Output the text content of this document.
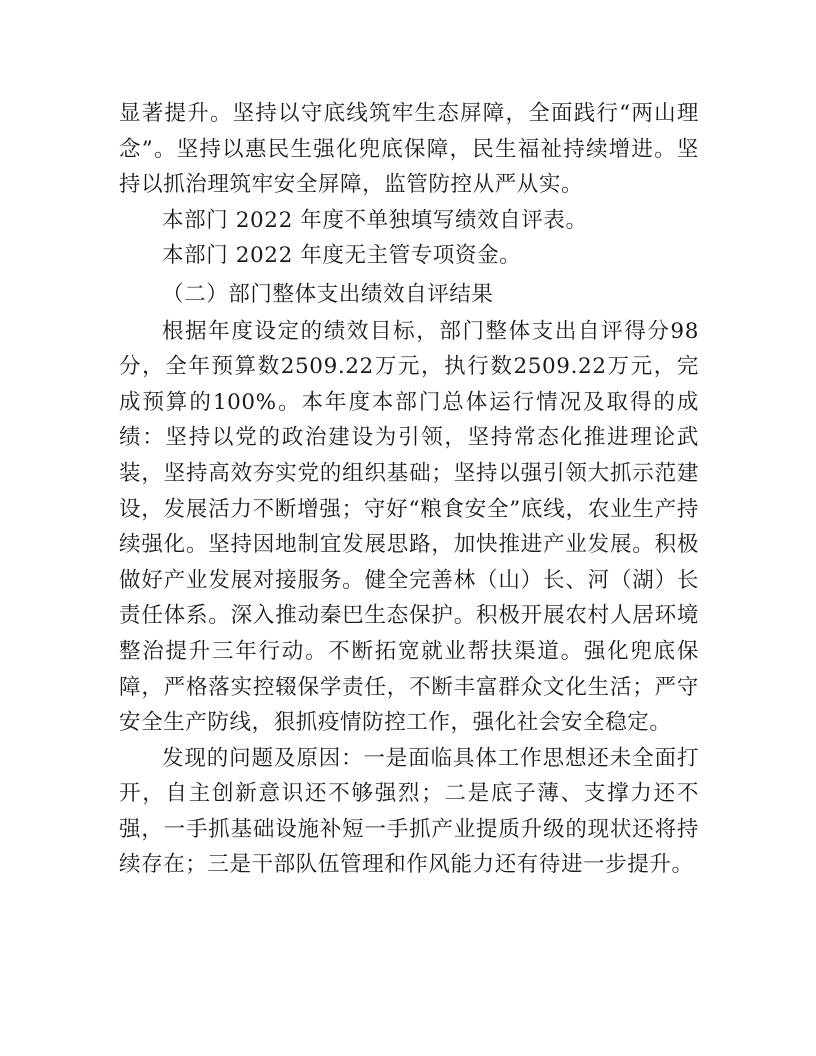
显著提升。坚持以守底线筑牢生态屏障，全面践行“两山理念”。坚持以惠民生强化兜底保障，民生福祉持续增进。坚持以抓治理筑牢安全屏障，监管防控从严从实。

本部门 2022 年度不单独填写绩效自评表。

本部门 2022 年度无主管专项资金。

（二）部门整体支出绩效自评结果

根据年度设定的绩效目标，部门整体支出自评得分98分，全年预算数2509.22万元，执行数2509.22万元，完成预算的100%。本年度本部门总体运行情况及取得的成绩：坚持以党的政治建设为引领，坚持常态化推进理论武装，坚持高效夯实党的组织基础；坚持以强引领大抓示范建设，发展活力不断增强；守好“粮食安全”底线，农业生产持续强化。坚持因地制宜发展思路，加快推进产业发展。积极做好产业发展对接服务。健全完善林（山）长、河（湖）长责任体系。深入推动秦巴生态保护。积极开展农村人居环境整治提升三年行动。不断拓宽就业帮扶渠道。强化兜底保障，严格落实控辍保学责任，不断丰富群众文化生活；严守安全生产防线，狠抓疫情防控工作，强化社会安全稳定。

发现的问题及原因：一是面临具体工作思想还未全面打开，自主创新意识还不够强烈；二是底子薄、支撑力还不强，一手抓基础设施补短一手抓产业提质升级的现状还将持续存在；三是干部队伍管理和作风能力还有待进一步提升。
